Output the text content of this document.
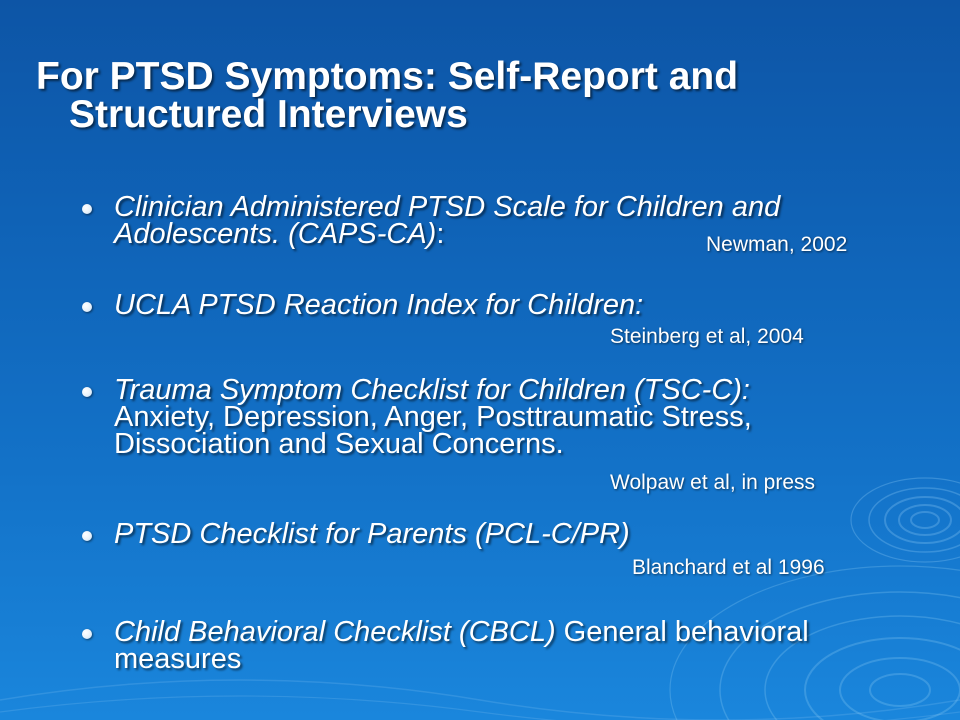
For PTSD Symptoms: Self-Report and
Structured Interviews
Clinician Administered PTSD Scale for Children and
Adolescents. (CAPS-CA):	Newman, 2002
UCLA PTSD Reaction Index for Children:
Steinberg et al, 2004
Trauma Symptom Checklist for Children (TSC-C):
Anxiety, Depression, Anger, Posttraumatic Stress,
Dissociation and Sexual Concerns.
Wolpaw et al, in press
PTSD Checklist for Parents (PCL-C/PR)
Blanchard et al 1996
Child Behavioral Checklist (CBCL) General behavioral
measures
